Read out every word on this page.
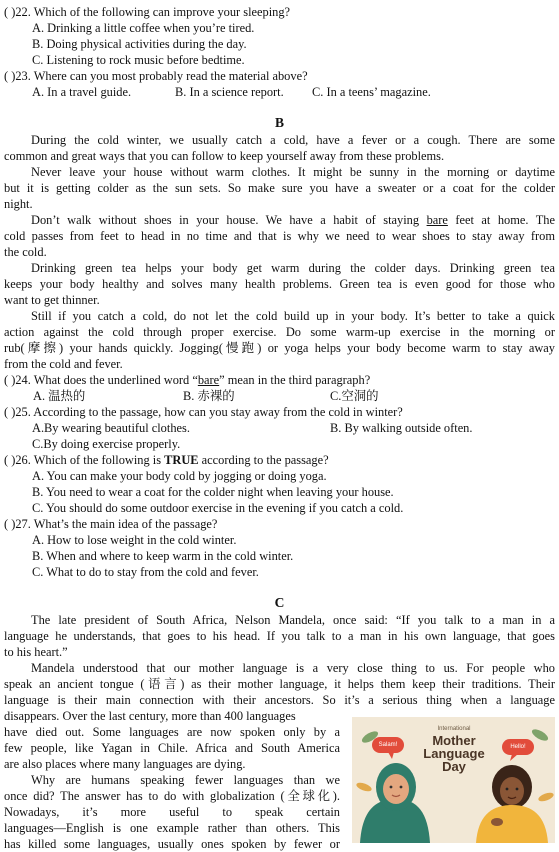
( )22. Which of the following can improve your sleeping?
A. Drinking a little coffee when you’re tired.
B. Doing physical activities during the day.
C. Listening to rock music before bedtime.
( )23. Where can you most probably read the material above?
A. In a travel guide.	B. In a science report. C. In a teens’ magazine.
B
During the cold winter, we usually catch a cold, have a fever or a cough. There are some
common and great ways that you can follow to keep yourself away from these problems.
Never leave your house without warm clothes. It might be sunny in the morning or daytime
but it is getting colder as the sun sets. So make sure you have a sweater or a coat for the colder
night.
Don’t walk without shoes in your house. We have a habit of staying bare feet at home. The
cold passes from feet to head in no time and that is why we need to wear shoes to stay away from
the cold.
Drinking green tea helps your body get warm during the colder days. Drinking green tea
keeps your body healthy and solves many health problems. Green tea is even good for those who
want to get thinner.
Still if you catch a cold, do not let the cold build up in your body. It’s better to take a quick
action against the cold through proper exercise. Do some warm-up exercise in the morning or
rub(摩擦) your hands quickly. Jogging(慢跑) or yoga helps your body become warm to stay away
from the cold and fever.
( )24. What does the underlined word “bare” mean in the third paragraph?
A. 温热的	B. 赤裸的	C.空洞的
( )25. According to the passage, how can you stay away from the cold in winter?
A.By wearing beautiful clothes.	B. By walking outside often.
C.By doing exercise properly.
( )26. Which of the following is TRUE according to the passage?
A. You can make your body cold by jogging or doing yoga.
B. You need to wear a coat for the colder night when leaving your house.
C. You should do some outdoor exercise in the evening if you catch a cold.
( )27. What’s the main idea of the passage?
A. How to lose weight in the cold winter.
B. When and where to keep warm in the cold winter.
C. What to do to stay from the cold and fever.
C
The late president of South Africa, Nelson Mandela, once said: “If you talk to a man in a
language he understands, that goes to his head. If you talk to a man in his own language, that goes
to his heart.”
Mandela understood that our mother language is a very close thing to us. For people who
speak an ancient tongue (语言) as their mother language, it helps them keep their traditions. Their
language is their main connection with their ancestors. So it’s a serious thing when a language
disappears. Over the last century, more than 400 languages
have died out. Some languages are now spoken only by a
few people, like Yagan in Chile. Africa and South America
are also places where many languages are dying.
Why are humans speaking fewer languages than we
once did? The answer has to do with globalization (全球化).
Nowadays, it’s more useful to speak certain
languages—English is one example rather than others. This
has killed some languages, usually ones spoken by fewer or
Salam!	Hello!
International
Mother
Language
Day
